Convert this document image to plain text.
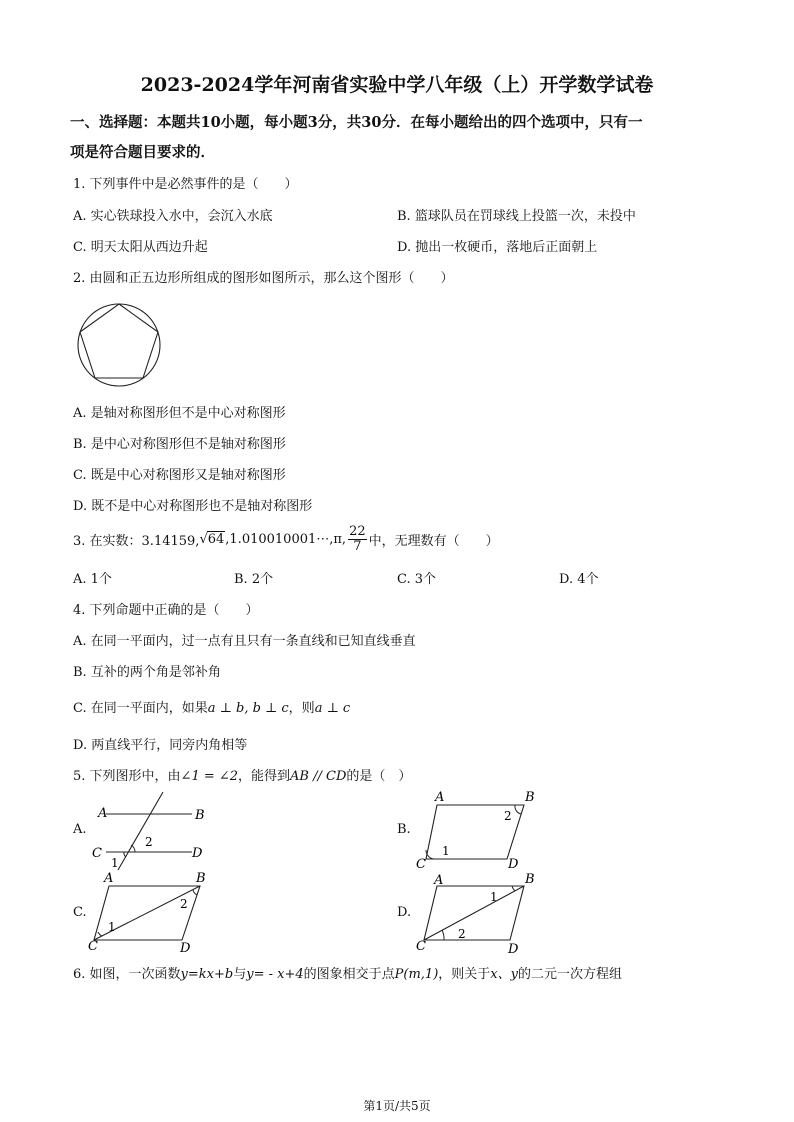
2023-2024学年河南省实验中学八年级（上）开学数学试卷
一、选择题：本题共10小题，每小题3分，共30分．在每小题给出的四个选项中，只有一
项是符合题目要求的．
1. 下列事件中是必然事件的是（　　）
A. 实心铁球投入水中，会沉入水底	B. 篮球队员在罚球线上投篮一次，未投中
C. 明天太阳从西边升起	D. 抛出一枚硬币，落地后正面朝上
2. 由圆和正五边形所组成的图形如图所示，那么这个图形（　　）
A. 是轴对称图形但不是中心对称图形
B. 是中心对称图形但不是轴对称图形
C. 既是中心对称图形又是轴对称图形
D. 既不是中心对称图形也不是轴对称图形
3. 在实数：3.14159, √ 64 ,1.010010001⋯,π, $\frac{22}{7}$ 中，无理数有（　　）
A. 1个	B. 2个	C. 3个	D. 4个
4. 下列命题中正确的是（　　）
A. 在同一平面内，过一点有且只有一条直线和已知直线垂直
B. 互补的两个角是邻补角
C. 在同一平面内，如果a ⊥ b, b ⊥ c，则a ⊥ c
D. 两直线平行，同旁内角相等
5. 下列图形中，由∠1 = ∠2，能得到AB // CD的是（　）
A.	B.
C.	D.
A	B
C	D
2
1
A	B
C	D
1
2
A	B
C	D
1
2
A	B
C	D
1
2
6. 如图，一次函数y=kx+b与y= - x+4的图象相交于点P(m,1)，则关于x、y的二元一次方程组
第1页/共5页
